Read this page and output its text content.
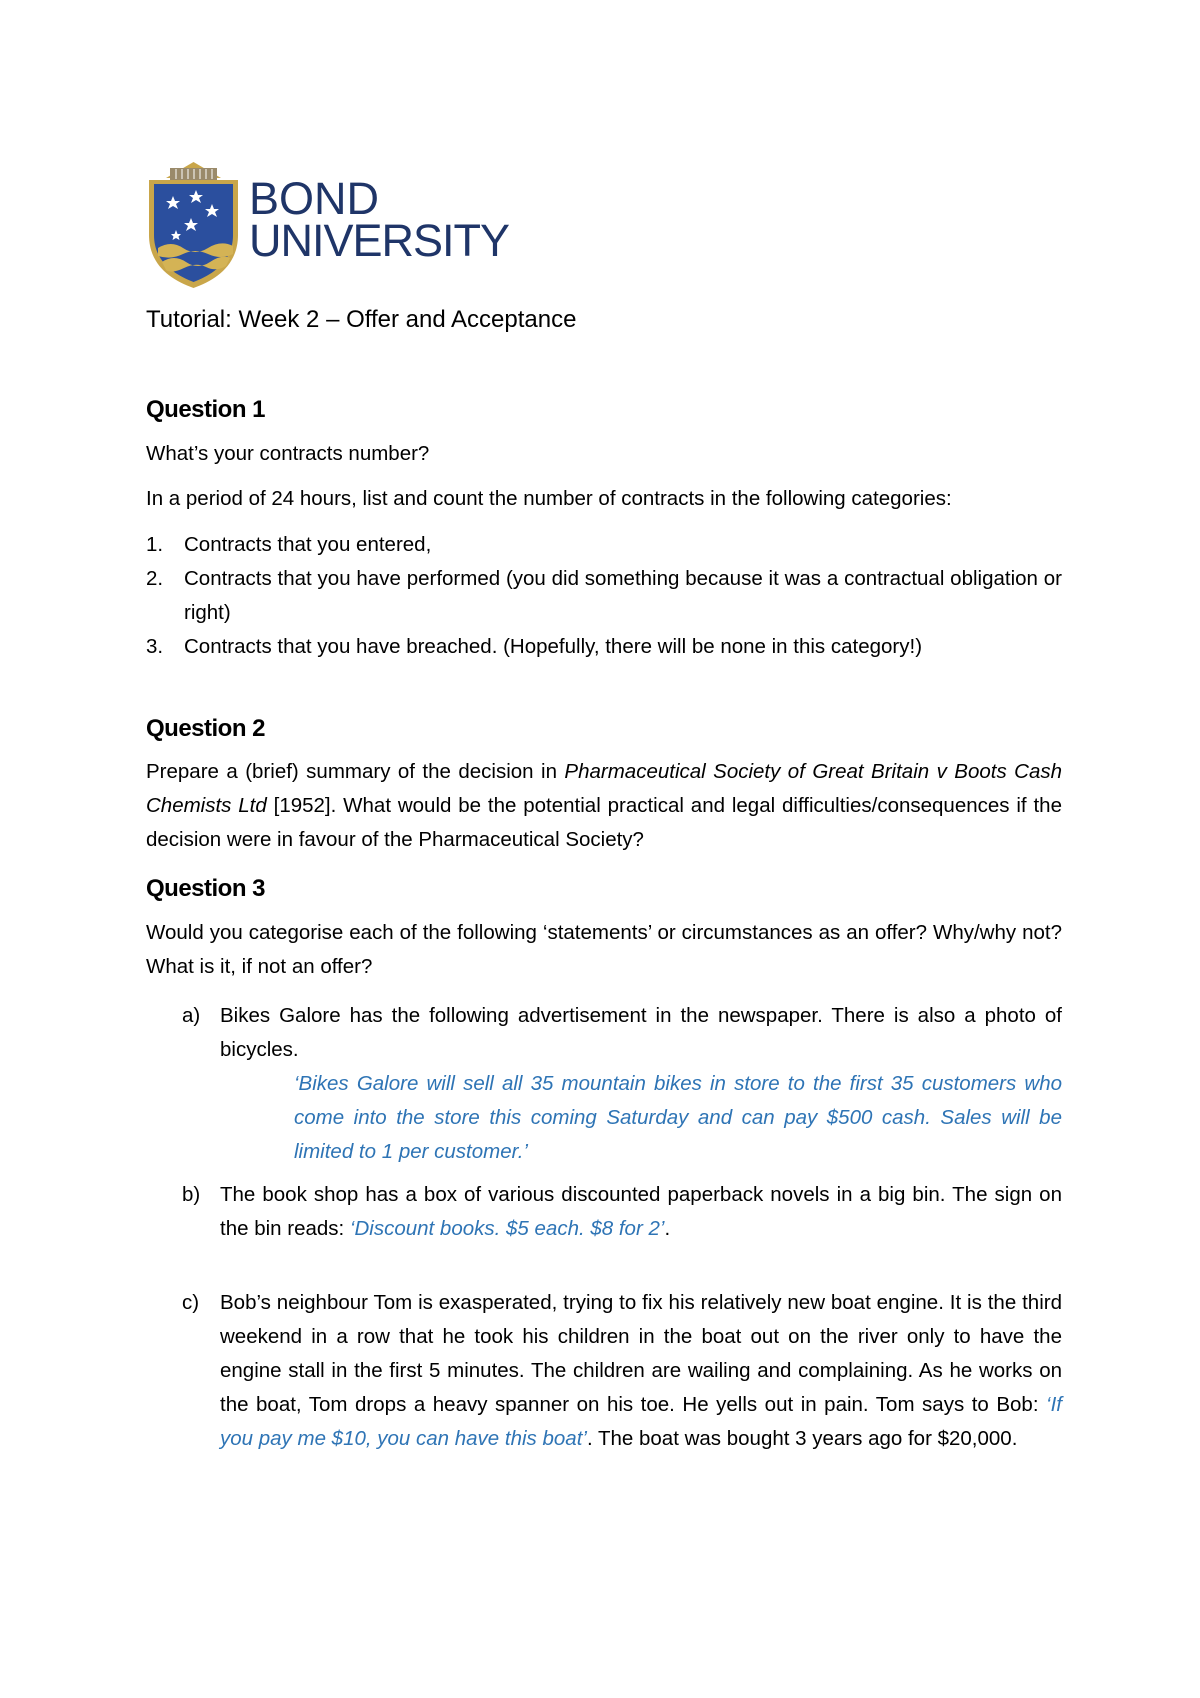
BOND
UNIVERSITY
Tutorial: Week 2 – Offer and Acceptance
Question 1

What’s your contracts number?

In a period of 24 hours, list and count the number of contracts in the following categories:

1. Contracts that you entered,
2. Contracts that you have performed (you did something because it was a contractual obligation or right)
3. Contracts that you have breached. (Hopefully, there will be none in this category!)
Question 2

Prepare a (brief) summary of the decision in Pharmaceutical Society of Great Britain v Boots Cash Chemists Ltd [1952]. What would be the potential practical and legal difficulties/consequences if the decision were in favour of the Pharmaceutical Society?

Question 3

Would you categorise each of the following ‘statements’ or circumstances as an offer? Why/why not? What is it, if not an offer?

a) Bikes Galore has the following advertisement in the newspaper. There is also a photo of bicycles.

‘Bikes Galore will sell all 35 mountain bikes in store to the first 35 customers who come into the store this coming Saturday and can pay $500 cash. Sales will be limited to 1 per customer.’

b) The book shop has a box of various discounted paperback novels in a big bin. The sign on the bin reads: ‘Discount books. $5 each. $8 for 2’.
c) Bob’s neighbour Tom is exasperated, trying to fix his relatively new boat engine. It is the third weekend in a row that he took his children in the boat out on the river only to have the engine stall in the first 5 minutes. The children are wailing and complaining. As he works on the boat, Tom drops a heavy spanner on his toe. He yells out in pain. Tom says to Bob: ‘If you pay me $10, you can have this boat’. The boat was bought 3 years ago for $20,000.
